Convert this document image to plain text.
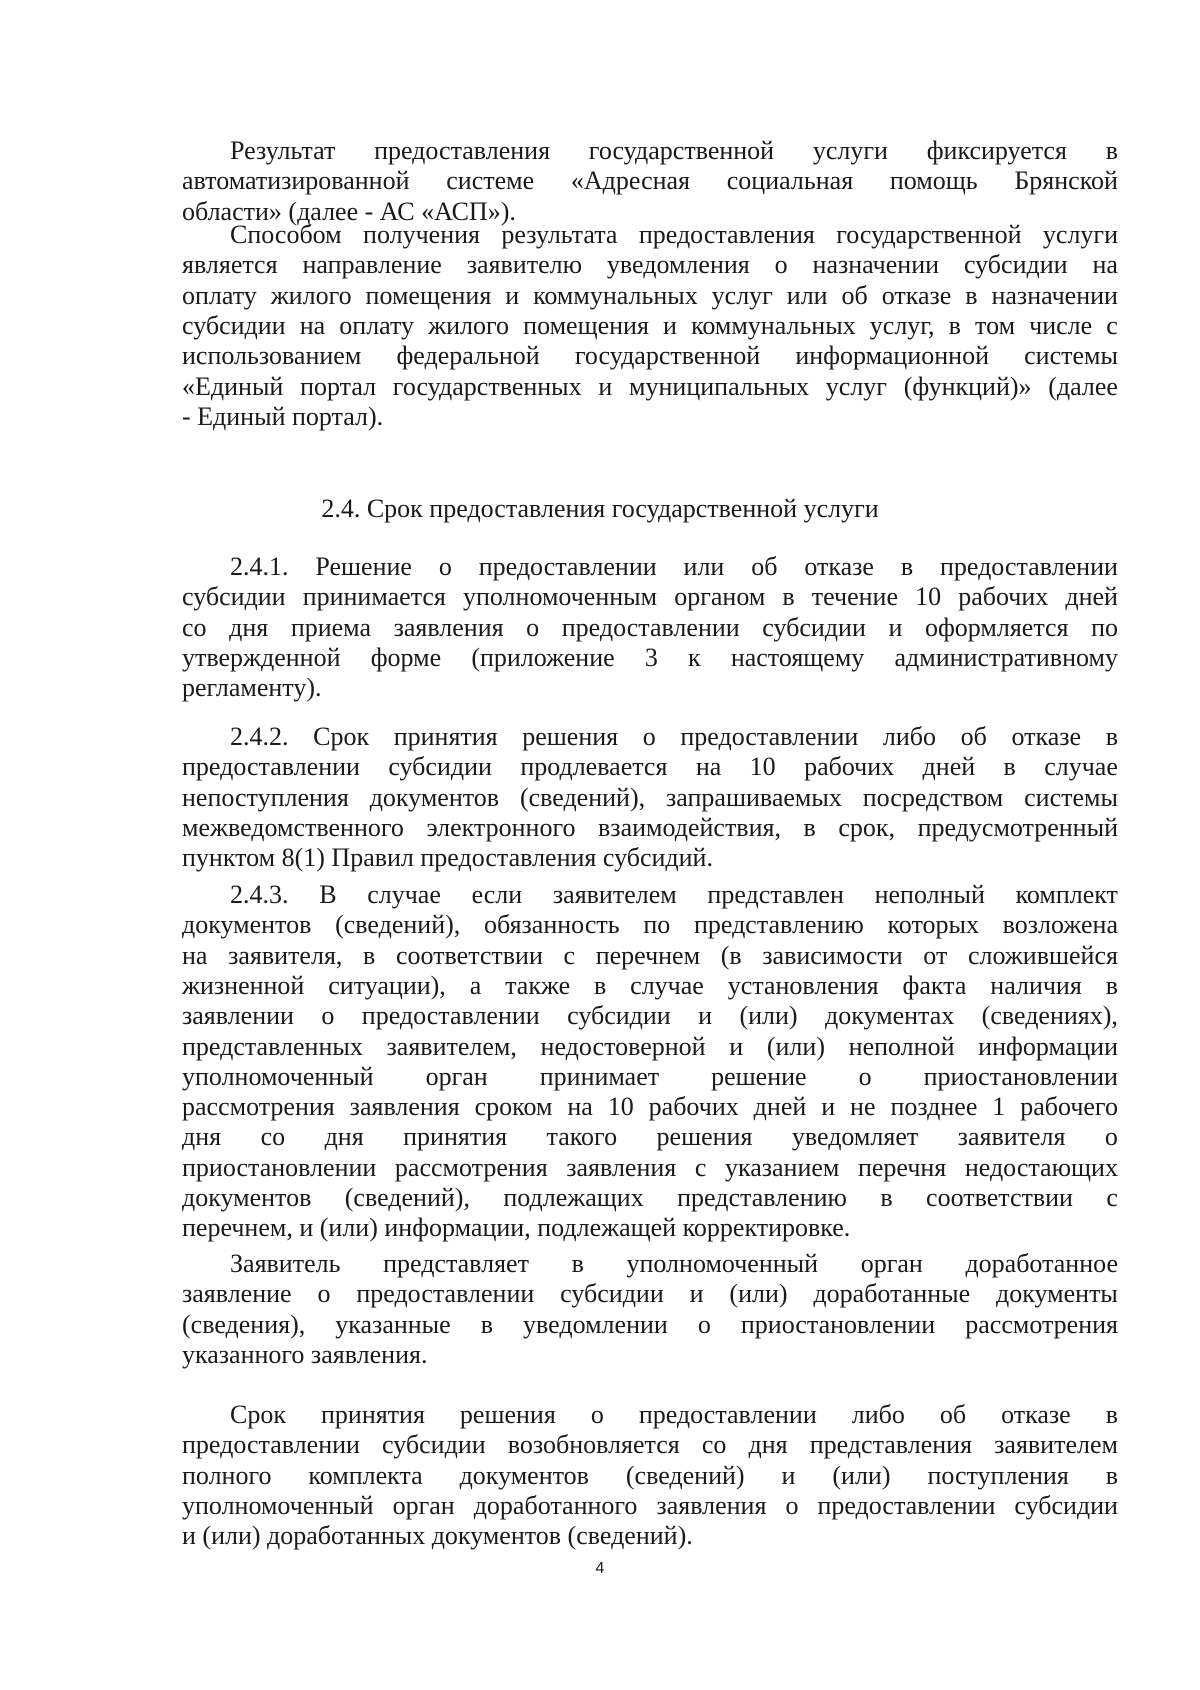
Результат предоставления государственной услуги фиксируется в
автоматизированной системе «Адресная социальная помощь Брянской
области» (далее - АС «АСП»).
Способом получения результата предоставления государственной услуги
является направление заявителю уведомления о назначении субсидии на
оплату жилого помещения и коммунальных услуг или об отказе в назначении
субсидии на оплату жилого помещения и коммунальных услуг, в том числе с
использованием федеральной государственной информационной системы
«Единый портал государственных и муниципальных услуг (функций)» (далее
- Единый портал).
2.4. Срок предоставления государственной услуги
2.4.1. Решение о предоставлении или об отказе в предоставлении
субсидии принимается уполномоченным органом в течение 10 рабочих дней
со дня приема заявления о предоставлении субсидии и оформляется по
утвержденной форме (приложение 3 к настоящему административному
регламенту).
2.4.2. Срок принятия решения о предоставлении либо об отказе в
предоставлении субсидии продлевается на 10 рабочих дней в случае
непоступления документов (сведений), запрашиваемых посредством системы
межведомственного электронного взаимодействия, в срок, предусмотренный
пунктом 8(1) Правил предоставления субсидий.
2.4.3. В случае если заявителем представлен неполный комплект
документов (сведений), обязанность по представлению которых возложена
на заявителя, в соответствии с перечнем (в зависимости от сложившейся
жизненной ситуации), а также в случае установления факта наличия в
заявлении о предоставлении субсидии и (или) документах (сведениях),
представленных заявителем, недостоверной и (или) неполной информации
уполномоченный орган принимает решение о приостановлении
рассмотрения заявления сроком на 10 рабочих дней и не позднее 1 рабочего
дня со дня принятия такого решения уведомляет заявителя о
приостановлении рассмотрения заявления с указанием перечня недостающих
документов (сведений), подлежащих представлению в соответствии с
перечнем, и (или) информации, подлежащей корректировке.
Заявитель представляет в уполномоченный орган доработанное
заявление о предоставлении субсидии и (или) доработанные документы
(сведения), указанные в уведомлении о приостановлении рассмотрения
указанного заявления.
Срок принятия решения о предоставлении либо об отказе в
предоставлении субсидии возобновляется со дня представления заявителем
полного комплекта документов (сведений) и (или) поступления в
уполномоченный орган доработанного заявления о предоставлении субсидии
и (или) доработанных документов (сведений).
4
